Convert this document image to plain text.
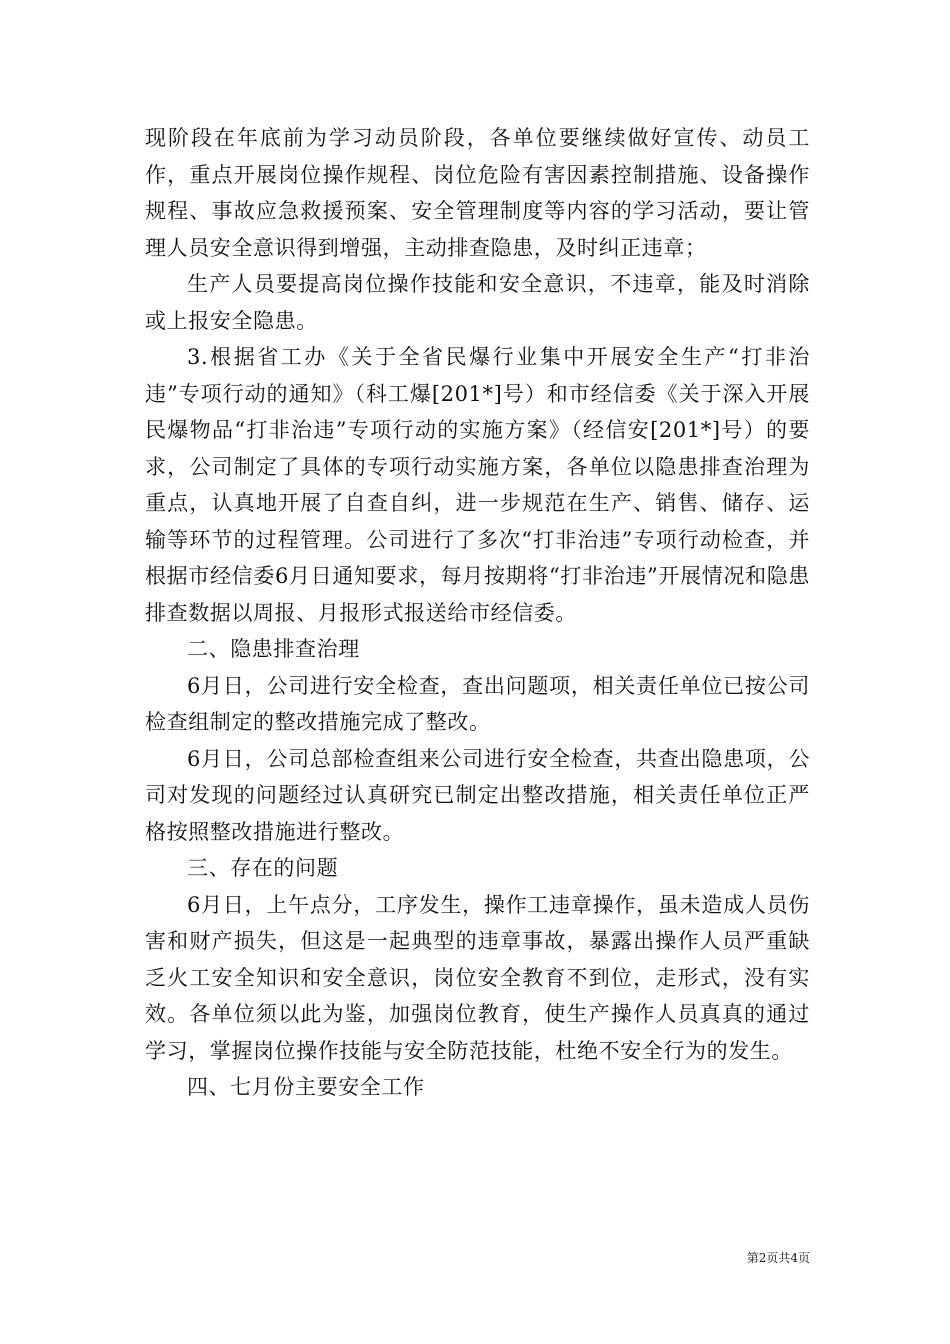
现阶段在年底前为学习动员阶段，各单位要继续做好宣传、动员工作，重点开展岗位操作规程、岗位危险有害因素控制措施、设备操作规程、事故应急救援预案、安全管理制度等内容的学习活动，要让管理人员安全意识得到增强，主动排查隐患，及时纠正违章；

生产人员要提高岗位操作技能和安全意识，不违章，能及时消除或上报安全隐患。

3.根据省工办《关于全省民爆行业集中开展安全生产“打非治违”专项行动的通知》（科工爆[201*]号）和市经信委《关于深入开展民爆物品“打非治违”专项行动的实施方案》（经信安[201*]号）的要求，公司制定了具体的专项行动实施方案，各单位以隐患排查治理为重点，认真地开展了自查自纠，进一步规范在生产、销售、储存、运输等环节的过程管理。公司进行了多次“打非治违”专项行动检查，并根据市经信委6月日通知要求，每月按期将“打非治违”开展情况和隐患排查数据以周报、月报形式报送给市经信委。

二、隐患排查治理

6月日，公司进行安全检查，查出问题项，相关责任单位已按公司检查组制定的整改措施完成了整改。

6月日，公司总部检查组来公司进行安全检查，共查出隐患项，公司对发现的问题经过认真研究已制定出整改措施，相关责任单位正严格按照整改措施进行整改。

三、存在的问题

6月日，上午点分，工序发生，操作工违章操作，虽未造成人员伤害和财产损失，但这是一起典型的违章事故，暴露出操作人员严重缺乏火工安全知识和安全意识，岗位安全教育不到位，走形式，没有实效。各单位须以此为鉴，加强岗位教育，使生产操作人员真真的通过学习，掌握岗位操作技能与安全防范技能，杜绝不安全行为的发生。

四、七月份主要安全工作

第2页共4页
